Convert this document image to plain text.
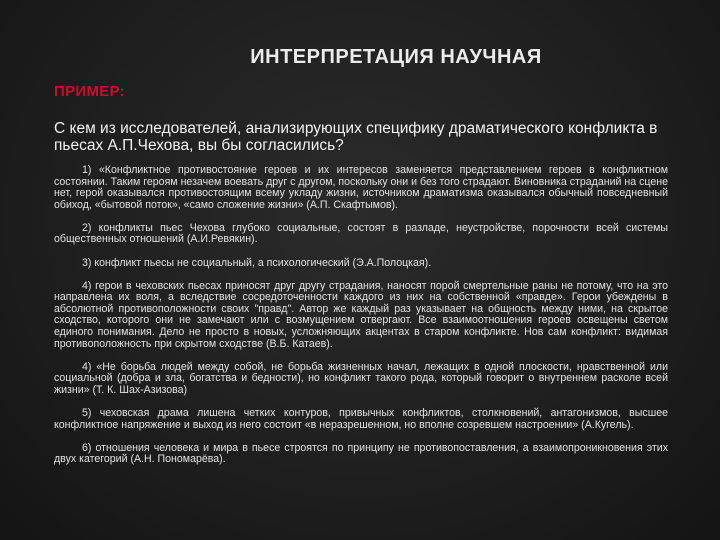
ИНТЕРПРЕТАЦИЯ НАУЧНАЯ
ПРИМЕР:
С кем из исследователей, анализирующих специфику драматического конфликта в пьесах А.П.Чехова, вы бы согласились?

1) «Конфликтное противостояние героев и их интересов заменяется представлением героев в конфликтном состоянии. Таким героям незачем воевать друг с другом, поскольку они и без того страдают. Виновника страданий на сцене нет, герой оказывался противостоящим всему укладу жизни, источником драматизма оказывался обычный повседневный обиход, «бытовой поток», «само сложение жизни» (А.П. Скафтымов).

2) конфликты пьес Чехова глубоко социальные, состоят в разладе, неустройстве, порочности всей системы общественных отношений (А.И.Ревякин).

3) конфликт пьесы не социальный, а психологический (Э.А.Полоцкая).

4) герои в чеховских пьесах приносят друг другу страдания, наносят порой смертельные раны не потому, что на это направлена их воля, а вследствие сосредоточенности каждого из них на собственной «правде». Герои убеждены в абсолютной противоположности своих "правд". Автор же каждый раз указывает на общность между ними, на скрытое сходство, которого они не замечают или с возмущением отвергают. Все взаимоотношения героев освещены светом единого понимания. Дело не просто в новых, усложняющих акцентах в старом конфликте. Нов сам конфликт: видимая противоположность при скрытом сходстве (В.Б. Катаев).

4) «Не борьба людей между собой, не борьба жизненных начал, лежащих в одной плоскости, нравственной или социальной (добра и зла, богатства и бедности), но конфликт такого рода, который говорит о внутреннем расколе всей жизни» (Т. К. Шах-Азизова)

5) чеховская драма лишена четких контуров, привычных конфликтов, столкновений, антагонизмов, высшее конфликтное напряжение и выход из него состоит «в неразрешенном, но вполне созревшем настроении» (А.Кугель).

6) отношения человека и мира в пьесе строятся по принципу не противопоставления, а взаимопроникновения этих двух категорий (А.Н. Пономарёва).
